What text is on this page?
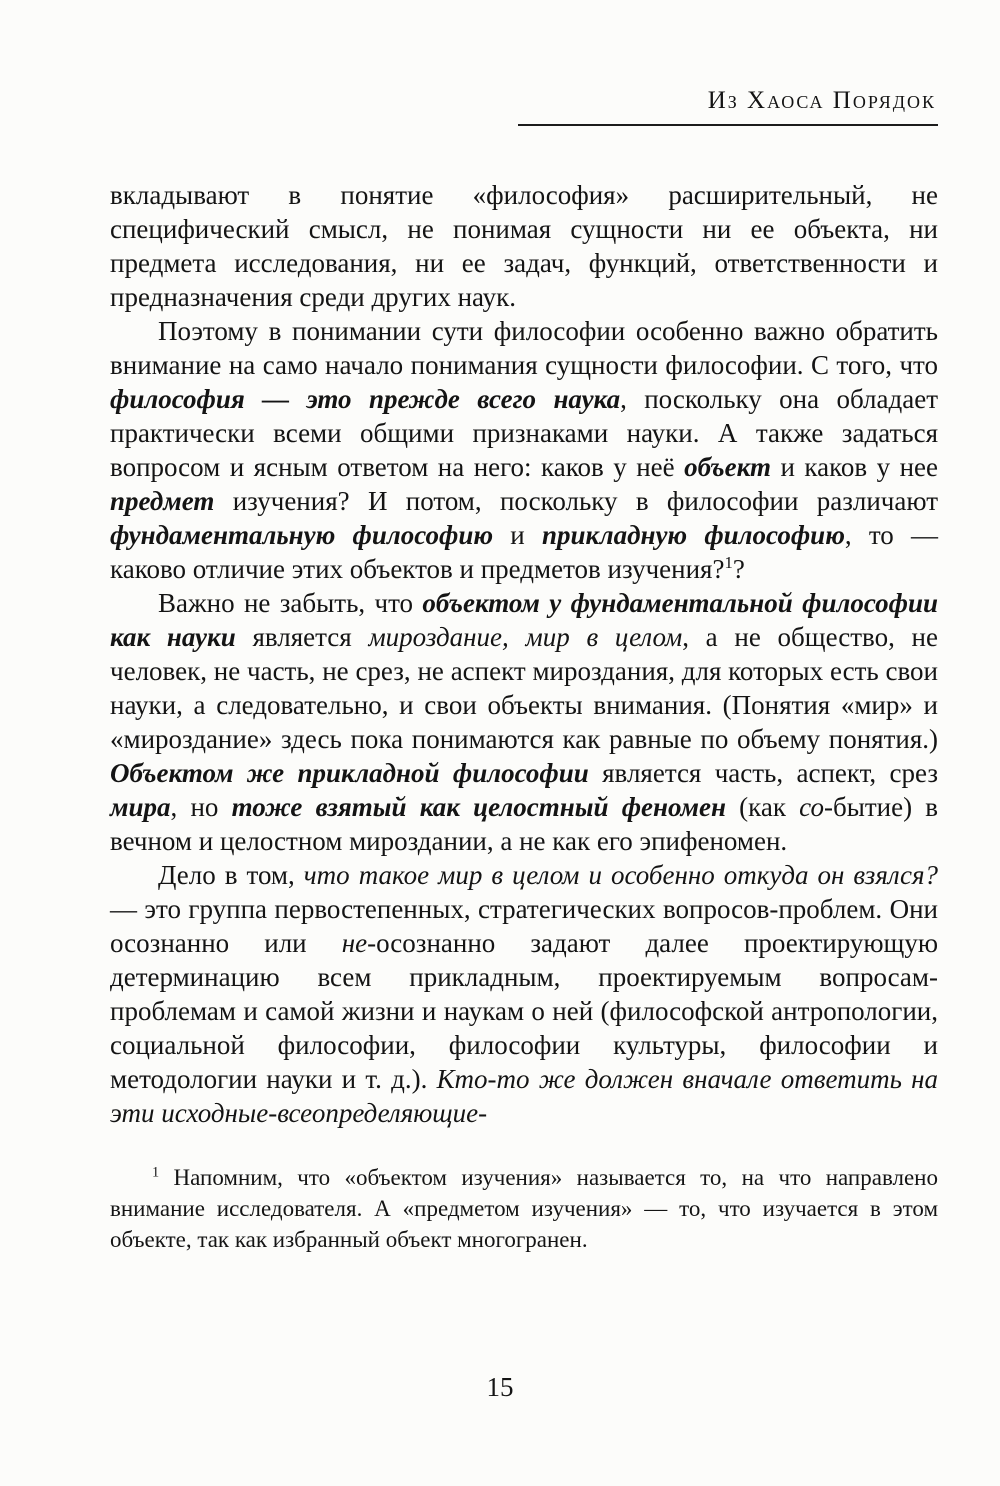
Из Хаоса Порядок

вкладывают в понятие «философия» расширительный, не специфический смысл, не понимая сущности ни ее объекта, ни предмета исследования, ни ее задач, функций, ответственности и предназначения среди других наук.

Поэтому в понимании сути философии особенно важно обратить внимание на само начало понимания сущности философии. С того, что философия — это прежде всего наука, поскольку она обладает практически всеми общими признаками науки. А также задаться вопросом и ясным ответом на него: каков у неё объект и каков у нее предмет изучения? И потом, поскольку в философии различают фундаментальную философию и прикладную философию, то — каково отличие этих объектов и предметов изучения?$^1$?

Важно не забыть, что объектом у фундаментальной философии как науки является мироздание, мир в целом, а не общество, не человек, не часть, не срез, не аспект мироздания, для которых есть свои науки, а следовательно, и свои объекты внимания. (Понятия «мир» и «мироздание» здесь пока понимаются как равные по объему понятия.) Объектом же прикладной философии является часть, аспект, срез мира, но тоже взятый как целостный феномен (как со-бытие) в вечном и целостном мироздании, а не как его эпифеномен.

Дело в том, что такое мир в целом и особенно откуда он взялся? — это группа первостепенных, стратегических вопросов-проблем. Они осознанно или не-осознанно задают далее проектирующую детерминацию всем прикладным, проектируемым вопросам-проблемам и самой жизни и наукам о ней (философской антропологии, социальной философии, философии культуры, философии и методологии науки и т. д.). Кто-то же должен вначале ответить на эти исходные-всеопределяющие-

$^1$ Напомним, что «объектом изучения» называется то, на что направлено внимание исследователя. А «предметом изучения» — то, что изучается в этом объекте, так как избранный объект многогранен.

15
